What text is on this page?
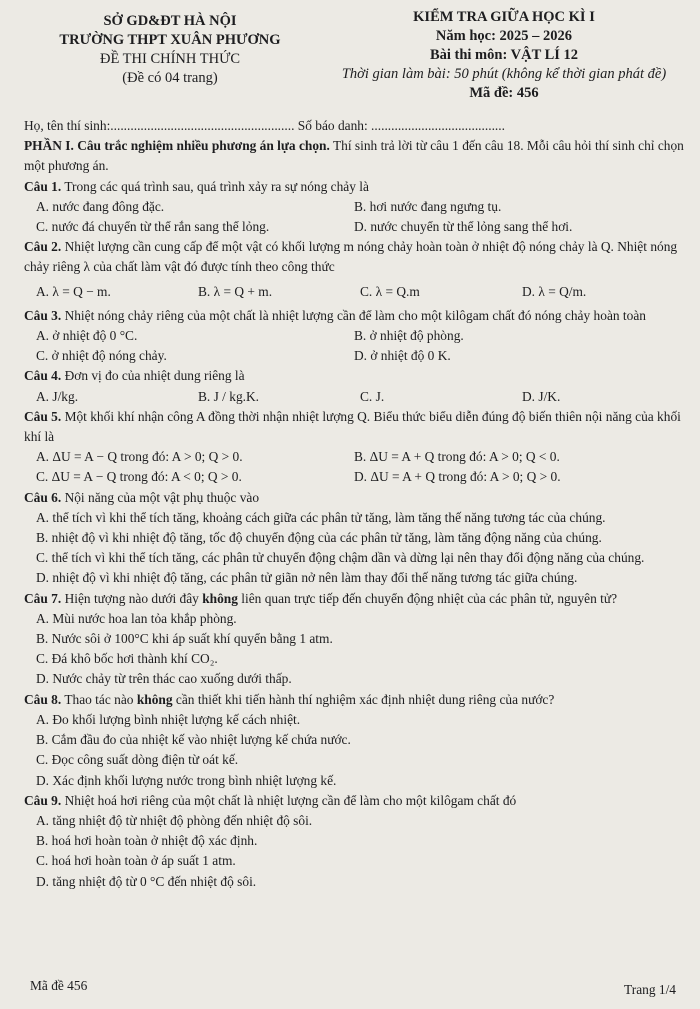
SỞ GD&ĐT HÀ NỘI
TRƯỜNG THPT XUÂN PHƯƠNG
ĐỀ THI CHÍNH THỨC
(Đề có 04 trang)
KIỂM TRA GIỮA HỌC KÌ I
Năm học: 2025 – 2026
Bài thi môn: VẬT LÍ 12
Thời gian làm bài: 50 phút (không kể thời gian phát đề)
Mã đề: 456
Họ, tên thí sinh:....................................................... Số báo danh: ........................................
PHẦN I. Câu trắc nghiệm nhiều phương án lựa chọn. Thí sinh trả lời từ câu 1 đến câu 18. Mỗi câu hỏi thí sinh chỉ chọn một phương án.
Câu 1. Trong các quá trình sau, quá trình xảy ra sự nóng chảy là
A. nước đang đông đặc.	B. hơi nước đang ngưng tụ.
C. nước đá chuyển từ thể rắn sang thể lỏng.	D. nước chuyển từ thể lỏng sang thể hơi.
Câu 2. Nhiệt lượng cần cung cấp để một vật có khối lượng m nóng chảy hoàn toàn ở nhiệt độ nóng chảy là Q. Nhiệt nóng chảy riêng λ của chất làm vật đó được tính theo công thức
A. λ = Q − m.	B. λ = Q + m.	C. λ = Q.m	D. λ = Q/m.
Câu 3. Nhiệt nóng chảy riêng của một chất là nhiệt lượng cần để làm cho một kilôgam chất đó nóng chảy hoàn toàn
A. ở nhiệt độ 0 °C.	B. ở nhiệt độ phòng.
C. ở nhiệt độ nóng chảy.	D. ở nhiệt độ 0 K.
Câu 4. Đơn vị đo của nhiệt dung riêng là
A. J/kg.	B. J / kg.K.	C. J.	D. J/K.
Câu 5. Một khối khí nhận công A đồng thời nhận nhiệt lượng Q. Biểu thức biểu diễn đúng độ biến thiên nội năng của khối khí là
A. ΔU = A − Q trong đó: A > 0; Q > 0.	B. ΔU = A + Q trong đó: A > 0; Q < 0.
C. ΔU = A − Q trong đó: A < 0; Q > 0.	D. ΔU = A + Q trong đó: A > 0; Q > 0.
Câu 6. Nội năng của một vật phụ thuộc vào
A. thể tích vì khi thể tích tăng, khoảng cách giữa các phân tử tăng, làm tăng thế năng tương tác của chúng.
B. nhiệt độ vì khi nhiệt độ tăng, tốc độ chuyển động của các phân tử tăng, làm tăng động năng của chúng.
C. thể tích vì khi thể tích tăng, các phân tử chuyển động chậm dần và dừng lại nên thay đổi động năng của chúng.
D. nhiệt độ vì khi nhiệt độ tăng, các phân tử giãn nở nên làm thay đổi thế năng tương tác giữa chúng.
Câu 7. Hiện tượng nào dưới đây không liên quan trực tiếp đến chuyển động nhiệt của các phân tử, nguyên tử?
A. Mùi nước hoa lan tỏa khắp phòng.
B. Nước sôi ở 100°C khi áp suất khí quyển bằng 1 atm.
C. Đá khô bốc hơi thành khí CO₂.
D. Nước chảy từ trên thác cao xuống dưới thấp.
Câu 8. Thao tác nào không cần thiết khi tiến hành thí nghiệm xác định nhiệt dung riêng của nước?
A. Đo khối lượng bình nhiệt lượng kế cách nhiệt.
B. Cắm đầu đo của nhiệt kế vào nhiệt lượng kế chứa nước.
C. Đọc công suất dòng điện từ oát kế.
D. Xác định khối lượng nước trong bình nhiệt lượng kế.
Câu 9. Nhiệt hoá hơi riêng của một chất là nhiệt lượng cần để làm cho một kilôgam chất đó
A. tăng nhiệt độ từ nhiệt độ phòng đến nhiệt độ sôi.
B. hoá hơi hoàn toàn ở nhiệt độ xác định.
C. hoá hơi hoàn toàn ở áp suất 1 atm.
D. tăng nhiệt độ từ 0 °C đến nhiệt độ sôi.
Mã đề 456	Trang 1/4
